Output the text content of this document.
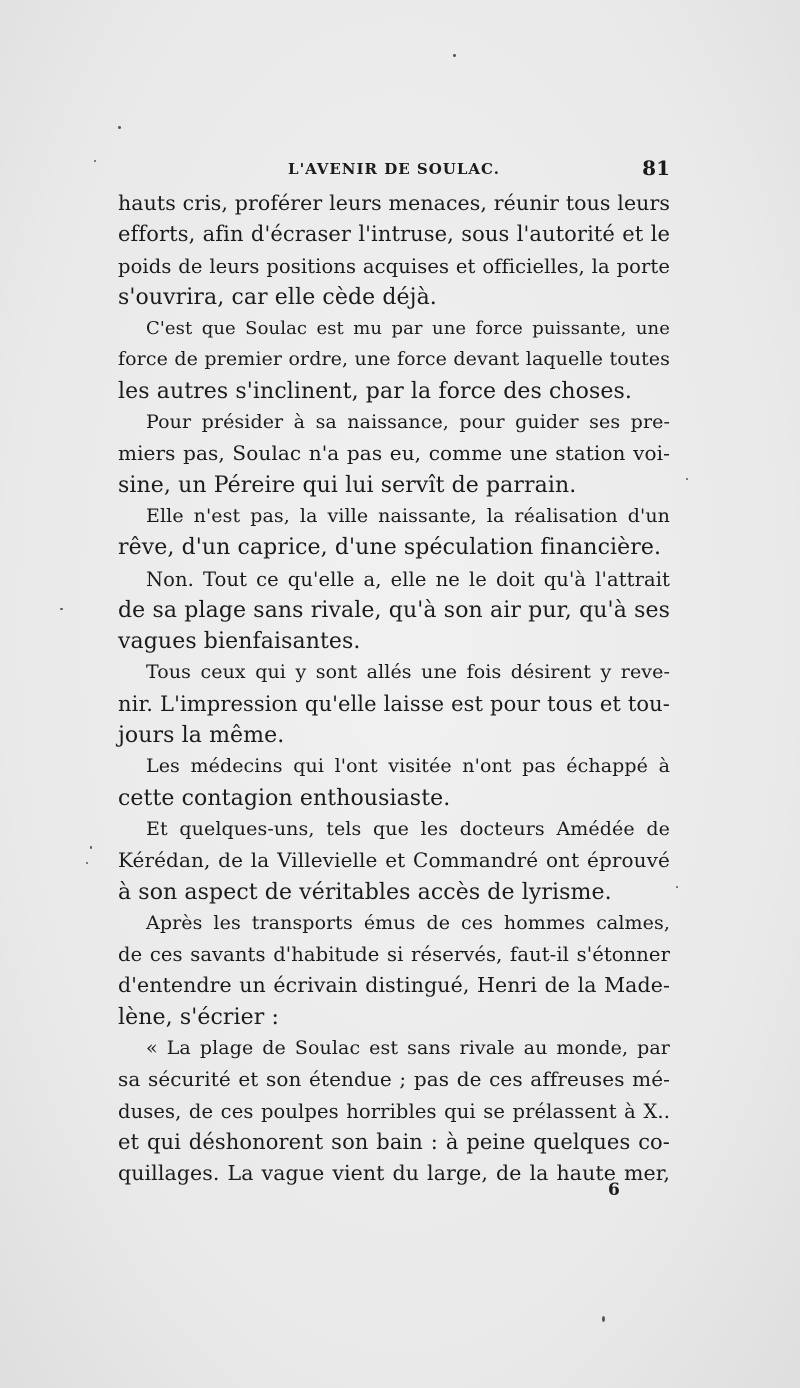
L'AVENIR DE SOULAC.	81
hauts cris, proférer leurs menaces, réunir tous leurs
efforts, afin d'écraser l'intruse, sous l'autorité et le
poids de leurs positions acquises et officielles, la porte
s'ouvrira, car elle cède déjà.
C'est que Soulac est mu par une force puissante, une
force de premier ordre, une force devant laquelle toutes
les autres s'inclinent, par la force des choses.
Pour présider à sa naissance, pour guider ses pre-
miers pas, Soulac n'a pas eu, comme une station voi-
sine, un Péreire qui lui servît de parrain.
Elle n'est pas, la ville naissante, la réalisation d'un
rêve, d'un caprice, d'une spéculation financière.
Non. Tout ce qu'elle a, elle ne le doit qu'à l'attrait
de sa plage sans rivale, qu'à son air pur, qu'à ses
vagues bienfaisantes.
Tous ceux qui y sont allés une fois désirent y reve-
nir. L'impression qu'elle laisse est pour tous et tou-
jours la même.
Les médecins qui l'ont visitée n'ont pas échappé à
cette contagion enthousiaste.
Et quelques-uns, tels que les docteurs Amédée de
Kérédan, de la Villevielle et Commandré ont éprouvé
à son aspect de véritables accès de lyrisme.
Après les transports émus de ces hommes calmes,
de ces savants d'habitude si réservés, faut-il s'étonner
d'entendre un écrivain distingué, Henri de la Made-
lène, s'écrier :
« La plage de Soulac est sans rivale au monde, par
sa sécurité et son étendue ; pas de ces affreuses mé-
duses, de ces poulpes horribles qui se prélassent à X..
et qui déshonorent son bain : à peine quelques co-
quillages. La vague vient du large, de la haute mer,
6
